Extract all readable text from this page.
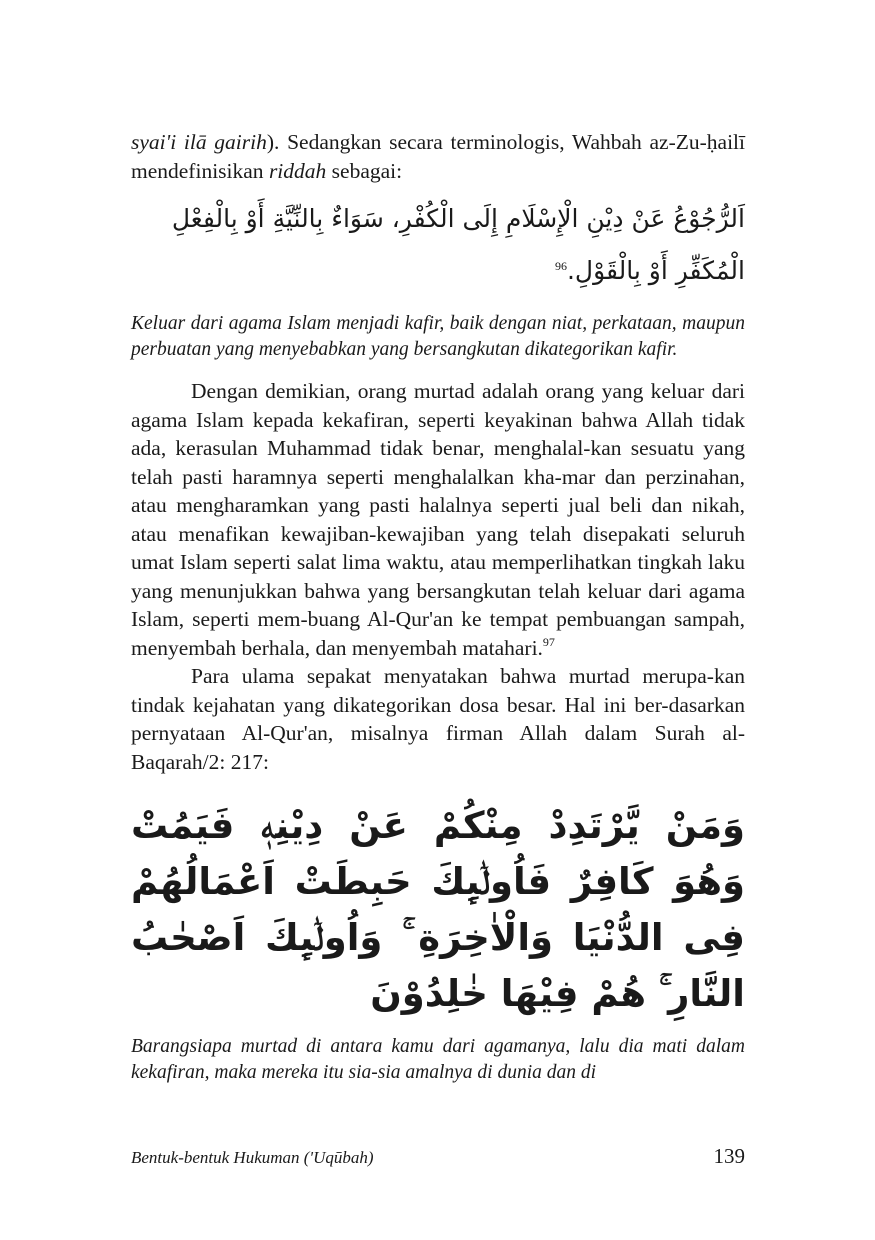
syai'i ilā gairih). Sedangkan secara terminologis, Wahbah az-Zu-ḥailī mendefinisikan riddah sebagai:

اَلرُّجُوْعُ عَنْ دِيْنِ الْإِسْلَامِ إِلَى الْكُفْرِ، سَوَاءٌ بِالنِّيَّةِ أَوْ بِالْفِعْلِ الْمُكَفِّرِ أَوْ بِالْقَوْلِ.$^{96}$

Keluar dari agama Islam menjadi kafir, baik dengan niat, perkataan, maupun perbuatan yang menyebabkan yang bersangkutan dikategorikan kafir.

Dengan demikian, orang murtad adalah orang yang keluar dari agama Islam kepada kekafiran, seperti keyakinan bahwa Allah tidak ada, kerasulan Muhammad tidak benar, menghalal-kan sesuatu yang telah pasti haramnya seperti menghalalkan kha-mar dan perzinahan, atau mengharamkan yang pasti halalnya seperti jual beli dan nikah, atau menafikan kewajiban-kewajiban yang telah disepakati seluruh umat Islam seperti salat lima waktu, atau memperlihatkan tingkah laku yang menunjukkan bahwa yang bersangkutan telah keluar dari agama Islam, seperti mem-buang Al-Qur'an ke tempat pembuangan sampah, menyembah berhala, dan menyembah matahari.$^{97}$

Para ulama sepakat menyatakan bahwa murtad merupa-kan tindak kejahatan yang dikategorikan dosa besar. Hal ini ber-dasarkan pernyataan Al-Qur'an, misalnya firman Allah dalam Surah al-Baqarah/2: 217:

وَمَنْ يَّرْتَدِدْ مِنْكُمْ عَنْ دِيْنِهٖ فَيَمُتْ وَهُوَ كَافِرٌ فَاُولٰۤىِٕكَ حَبِطَتْ اَعْمَالُهُمْ فِى الدُّنْيَا وَالْاٰخِرَةِ ۚ وَاُولٰۤىِٕكَ اَصْحٰبُ النَّارِ ۚ هُمْ فِيْهَا خٰلِدُوْنَ

Barangsiapa murtad di antara kamu dari agamanya, lalu dia mati dalam kekafiran, maka mereka itu sia-sia amalnya di dunia dan di

Bentuk-bentuk Hukuman ('Uqūbah)	139
